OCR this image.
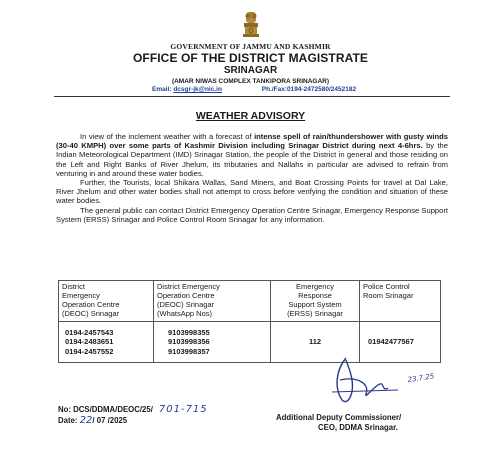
GOVERNMENT OF JAMMU AND KASHMIR
OFFICE OF THE DISTRICT MAGISTRATE
SRINAGAR
(AMAR NIWAS COMPLEX TANKIPORA SRINAGAR)
Email: dcsgr-jk@nic.in	Ph./Fax:0194-2472580/2452182
WEATHER ADVISORY

In view of the inclement weather with a forecast of intense spell of rain/thundershower with gusty winds (30-40 KMPH) over some parts of Kashmir Division including Srinagar District during next 4-6hrs. by the Indian Meteorological Department (IMD) Srinagar Station, the people of the District in general and those residing on the Left and Right Banks of River Jhelum, its tributaries and Nallahs in particular are advised to refrain from venturing in and around these water bodies.

Further, the Tourists, local Shikara Wallas, Sand Miners, and Boat Crossing Points for travel at Dal Lake, River Jhelum and other water bodies shall not attempt to cross before verifying the condition and situation of these water bodies.

The general public can contact District Emergency Operation Centre Srinagar, Emergency Response Support System (ERSS) Srinagar and Police Control Room Srinagar for any information.

District
Emergency
Operation Centre
(DEOC) Srinagar	District Emergency
Operation Centre
(DEOC) Srinagar
(WhatsApp Nos)	Emergency
Response
Support System
(ERSS) Srinagar	Police Control
Room Srinagar

0194-2457543
0194-2483651
0194-2457552	9103998355
9103998356
9103998357	112	01942477567
23.7.25
No: DCS/DDMA/DEOC/25/ 701-715
Date: 22/ 07 /2025	Additional Deputy Commissioner/
CEO, DDMA Srinagar.
